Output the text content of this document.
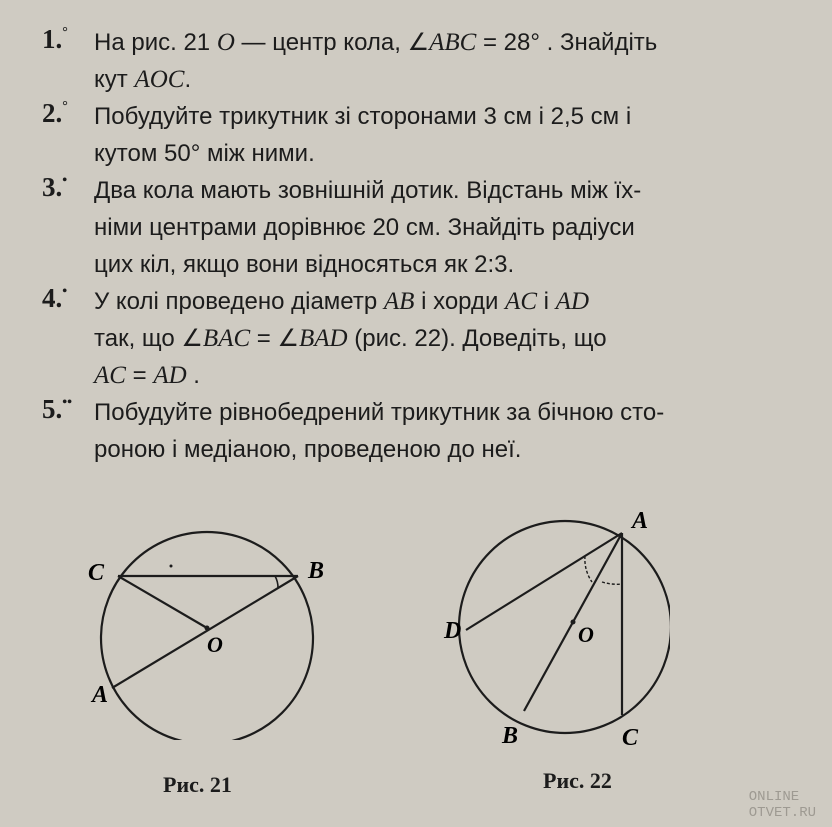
1.° На рис. 21 O — центр кола, ∠ABC = 28° . Знайдіть
кут AOC.
2.° Побудуйте трикутник зі сторонами 3 см і 2,5 см і
кутом 50° між ними.
3.• Два кола мають зовнішній дотик. Відстань між їх-
німи центрами дорівнює 20 см. Знайдіть радіуси
цих кіл, якщо вони відносяться як 2:3.
4.• У колі проведено діаметр AB і хорди AC і AD
так, що ∠BAC = ∠BAD (рис. 22). Доведіть, що
AC = AD .
5.•• Побудуйте рівнобедрений трикутник за бічною сто-
роною і медіаною, проведеною до неї.
C	B
O
A
Рис. 21
A
D	O
B	C
Рис. 22
ONLINE
OTVET.RU
